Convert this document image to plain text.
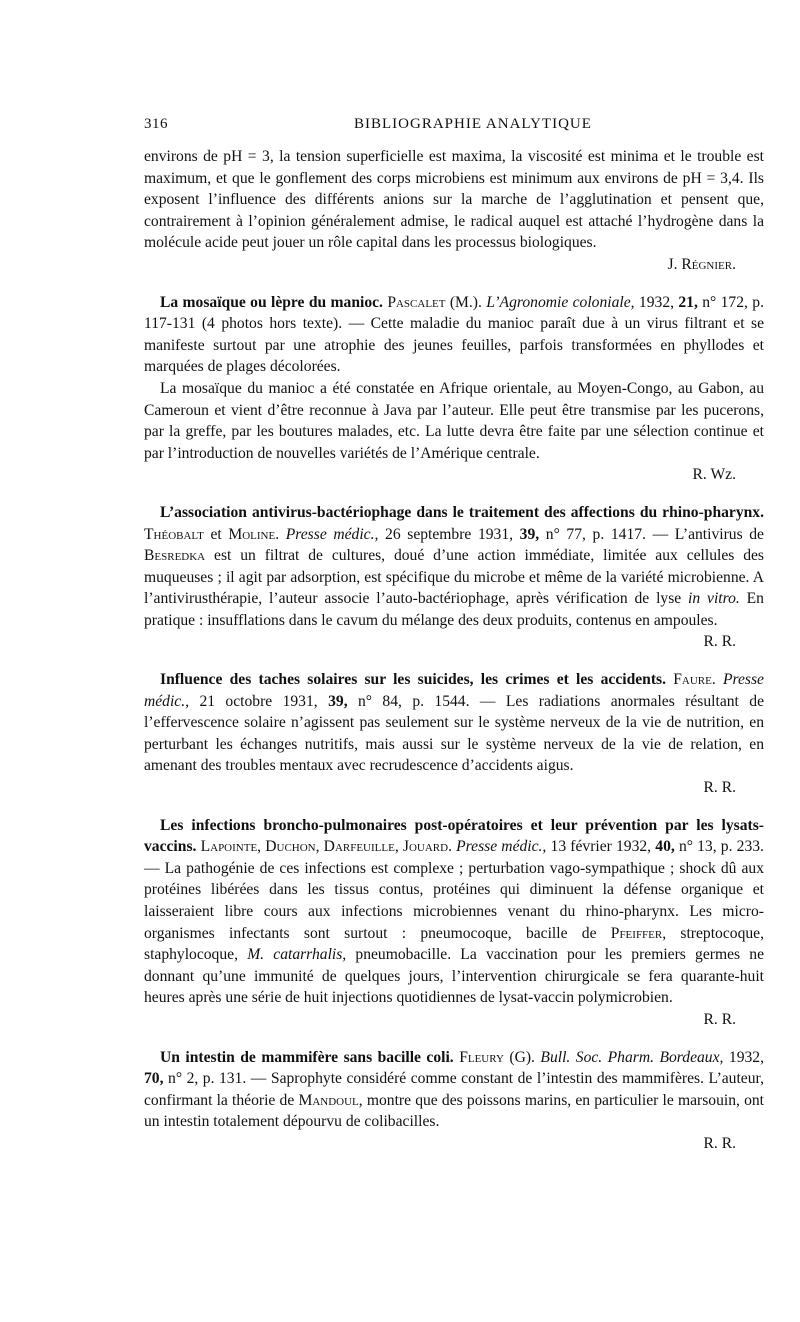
316	BIBLIOGRAPHIE ANALYTIQUE

environs de pH = 3, la tension superficielle est maxima, la viscosité est minima et le trouble est maximum, et que le gonflement des corps microbiens est minimum aux environs de pH = 3,4. Ils exposent l’influence des différents anions sur la marche de l’agglutination et pensent que, contrairement à l’opinion généralement admise, le radical auquel est attaché l’hydrogène dans la molécule acide peut jouer un rôle capital dans les processus biologiques.

J. Régnier.

La mosaïque ou lèpre du manioc. Pascalet (M.). L’Agronomie coloniale, 1932, 21, n° 172, p. 117-131 (4 photos hors texte). — Cette maladie du manioc paraît due à un virus filtrant et se manifeste surtout par une atrophie des jeunes feuilles, parfois transformées en phyllodes et marquées de plages décolorées.

La mosaïque du manioc a été constatée en Afrique orientale, au Moyen-Congo, au Gabon, au Cameroun et vient d’être reconnue à Java par l’auteur. Elle peut être transmise par les pucerons, par la greffe, par les boutures malades, etc. La lutte devra être faite par une sélection continue et par l’introduction de nouvelles variétés de l’Amérique centrale.

R. Wz.

L’association antivirus-bactériophage dans le traitement des affections du rhino-pharynx. Théobalt et Moline. Presse médic., 26 septembre 1931, 39, n° 77, p. 1417. — L’antivirus de Besredka est un filtrat de cultures, doué d’une action immédiate, limitée aux cellules des muqueuses ; il agit par adsorption, est spécifique du microbe et même de la variété microbienne. A l’antivirusthérapie, l’auteur associe l’auto-bactériophage, après vérification de lyse in vitro. En pratique : insufflations dans le cavum du mélange des deux produits, contenus en ampoules.

R. R.

Influence des taches solaires sur les suicides, les crimes et les accidents. Faure. Presse médic., 21 octobre 1931, 39, n° 84, p. 1544. — Les radiations anormales résultant de l’effervescence solaire n’agissent pas seulement sur le système nerveux de la vie de nutrition, en perturbant les échanges nutritifs, mais aussi sur le système nerveux de la vie de relation, en amenant des troubles mentaux avec recrudescence d’accidents aigus.

R. R.

Les infections broncho-pulmonaires post-opératoires et leur prévention par les lysats-vaccins. Lapointe, Duchon, Darfeuille, Jouard. Presse médic., 13 février 1932, 40, n° 13, p. 233. — La pathogénie de ces infections est complexe ; perturbation vago-sympathique ; shock dû aux protéines libérées dans les tissus contus, protéines qui diminuent la défense organique et laisseraient libre cours aux infections microbiennes venant du rhino-pharynx. Les micro-organismes infectants sont surtout : pneumocoque, bacille de Pfeiffer, streptocoque, staphylocoque, M. catarrhalis, pneumobacille. La vaccination pour les premiers germes ne donnant qu’une immunité de quelques jours, l’intervention chirurgicale se fera quarante-huit heures après une série de huit injections quotidiennes de lysat-vaccin polymicrobien.

R. R.

Un intestin de mammifère sans bacille coli. Fleury (G). Bull. Soc. Pharm. Bordeaux, 1932, 70, n° 2, p. 131. — Saprophyte considéré comme constant de l’intestin des mammifères. L’auteur, confirmant la théorie de Mandoul, montre que des poissons marins, en particulier le marsouin, ont un intestin totalement dépourvu de colibacilles.

R. R.
